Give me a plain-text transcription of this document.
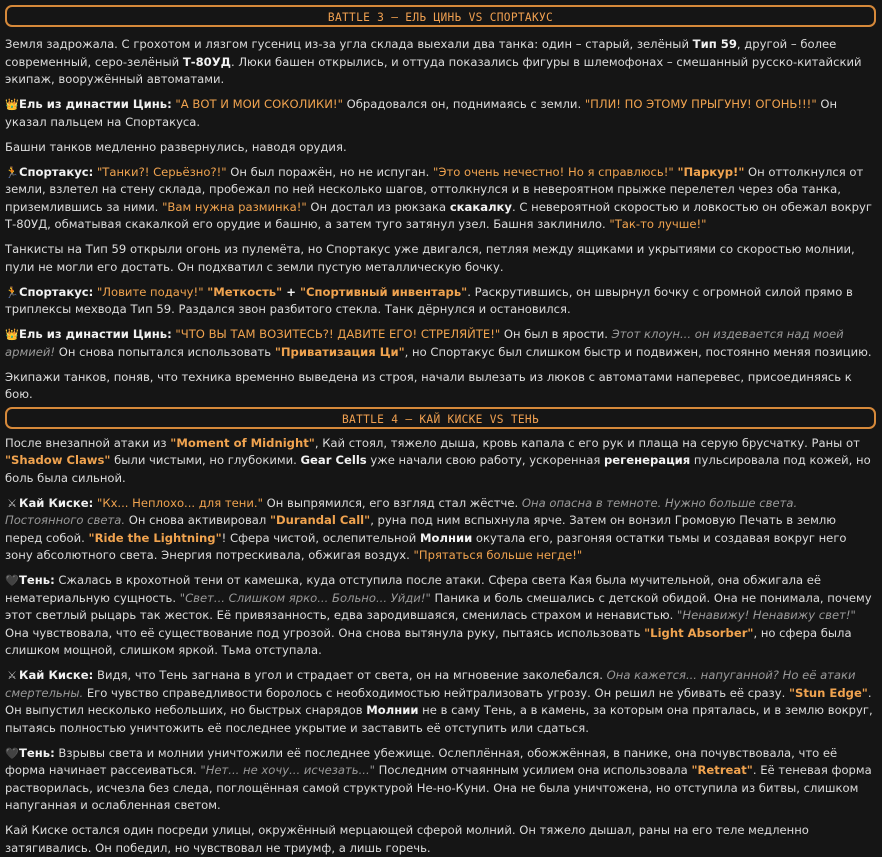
BATTLE 3 – ЕЛЬ ЦИНЬ VS СПОРТАКУС

Земля задрожала. С грохотом и лязгом гусениц из-за угла склада выехали два танка: один – старый, зелёный Тип 59, другой – более современный, серо-зелёный Т-80УД. Люки башен открылись, и оттуда показались фигуры в шлемофонах – смешанный русско-китайский экипаж, вооружённый автоматами.

👑Ель из династии Цинь: "А ВОТ И МОИ СОКОЛИКИ!" Обрадовался он, поднимаясь с земли. "ПЛИ! ПО ЭТОМУ ПРЫГУНУ! ОГОНЬ!!!" Он указал пальцем на Спортакуса.

Башни танков медленно развернулись, наводя орудия.

🏃Спортакус: "Танки?! Серьёзно?!" Он был поражён, но не испуган. "Это очень нечестно! Но я справлюсь!" "Паркур!" Он оттолкнулся от земли, взлетел на стену склада, пробежал по ней несколько шагов, оттолкнулся и в невероятном прыжке перелетел через оба танка, приземлившись за ними. "Вам нужна разминка!" Он достал из рюкзака скакалку. С невероятной скоростью и ловкостью он обежал вокруг Т-80УД, обматывая скакалкой его орудие и башню, а затем туго затянул узел. Башня заклинило. "Так-то лучше!"

Танкисты на Тип 59 открыли огонь из пулемёта, но Спортакус уже двигался, петляя между ящиками и укрытиями со скоростью молнии, пули не могли его достать. Он подхватил с земли пустую металлическую бочку.

🏃Спортакус: "Ловите подачу!" "Меткость" + "Спортивный инвентарь". Раскрутившись, он швырнул бочку с огромной силой прямо в триплексы мехвода Тип 59. Раздался звон разбитого стекла. Танк дёрнулся и остановился.

👑Ель из династии Цинь: "ЧТО ВЫ ТАМ ВОЗИТЕСЬ?! ДАВИТЕ ЕГО! СТРЕЛЯЙТЕ!" Он был в ярости. Этот клоун... он издевается над моей армией! Он снова попытался использовать "Приватизация Ци", но Спортакус был слишком быстр и подвижен, постоянно меняя позицию.

Экипажи танков, поняв, что техника временно выведена из строя, начали вылезать из люков с автоматами наперевес, присоединяясь к бою.

BATTLE 4 – КАЙ КИСКЕ VS ТЕНЬ

После внезапной атаки из "Moment of Midnight", Кай стоял, тяжело дыша, кровь капала с его рук и плаща на серую брусчатку. Раны от "Shadow Claws" были чистыми, но глубокими. Gear Cells уже начали свою работу, ускоренная регенерация пульсировала под кожей, но боль была сильной.

⚔ Кай Киске: "Кх... Неплохо... для тени." Он выпрямился, его взгляд стал жёстче. Она опасна в темноте. Нужно больше света. Постоянного света. Он снова активировал "Durandal Call", руна под ним вспыхнула ярче. Затем он вонзил Громовую Печать в землю перед собой. "Ride the Lightning"! Сфера чистой, ослепительной Молнии окутала его, разгоняя остатки тьмы и создавая вокруг него зону абсолютного света. Энергия потрескивала, обжигая воздух. "Прятаться больше негде!"

🖤Тень: Сжалась в крохотной тени от камешка, куда отступила после атаки. Сфера света Кая была мучительной, она обжигала её нематериальную сущность. "Свет... Слишком ярко... Больно... Уйди!" Паника и боль смешались с детской обидой. Она не понимала, почему этот светлый рыцарь так жесток. Её привязанность, едва зародившаяся, сменилась страхом и ненавистью. "Ненавижу! Ненавижу свет!" Она чувствовала, что её существование под угрозой. Она снова вытянула руку, пытаясь использовать "Light Absorber", но сфера была слишком мощной, слишком яркой. Тьма отступала.

⚔ Кай Киске: Видя, что Тень загнана в угол и страдает от света, он на мгновение заколебался. Она кажется... напуганной? Но её атаки смертельны. Его чувство справедливости боролось с необходимостью нейтрализовать угрозу. Он решил не убивать её сразу. "Stun Edge". Он выпустил несколько небольших, но быстрых снарядов Молнии не в саму Тень, а в камень, за которым она пряталась, и в землю вокруг, пытаясь полностью уничтожить её последнее укрытие и заставить её отступить или сдаться.

🖤Тень: Взрывы света и молнии уничтожили её последнее убежище. Ослеплённая, обожжённая, в панике, она почувствовала, что её форма начинает рассеиваться. "Нет... не хочу... исчезать..." Последним отчаянным усилием она использовала "Retreat". Её теневая форма растворилась, исчезла без следа, поглощённая самой структурой Не-но-Куни. Она не была уничтожена, но отступила из битвы, слишком напуганная и ослабленная светом.

Кай Киске остался один посреди улицы, окружённый мерцающей сферой молний. Он тяжело дышал, раны на его теле медленно затягивались. Он победил, но чувствовал не триумф, а лишь горечь.
